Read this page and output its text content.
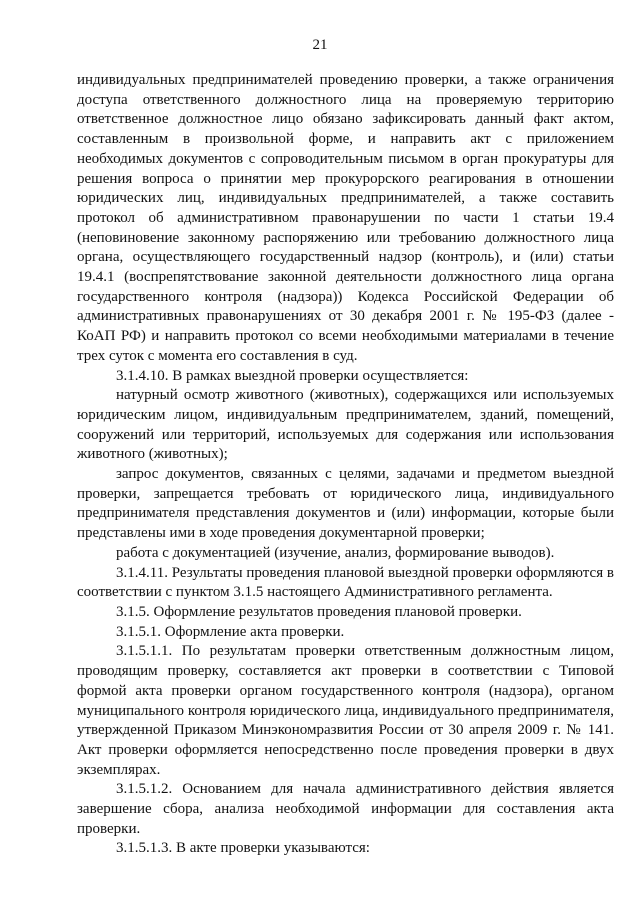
21

индивидуальных предпринимателей проведению проверки, а также ограничения доступа ответственного должностного лица на проверяемую территорию ответственное должностное лицо обязано зафиксировать данный факт актом, составленным в произвольной форме, и направить акт с приложением необходимых документов с сопроводительным письмом в орган прокуратуры для решения вопроса о принятии мер прокурорского реагирования в отношении юридических лиц, индивидуальных предпринимателей, а также составить протокол об административном правонарушении по части 1 статьи 19.4 (неповиновение законному распоряжению или требованию должностного лица органа, осуществляющего государственный надзор (контроль), и (или) статьи 19.4.1 (воспрепятствование законной деятельности должностного лица органа государственного контроля (надзора)) Кодекса Российской Федерации об административных правонарушениях от 30 декабря 2001 г. № 195-ФЗ (далее - КоАП РФ) и направить протокол со всеми необходимыми материалами в течение трех суток с момента его составления в суд.

3.1.4.10. В рамках выездной проверки осуществляется:

натурный осмотр животного (животных), содержащихся или используемых юридическим лицом, индивидуальным предпринимателем, зданий, помещений, сооружений или территорий, используемых для содержания или использования животного (животных);

запрос документов, связанных с целями, задачами и предметом выездной проверки, запрещается требовать от юридического лица, индивидуального предпринимателя представления документов и (или) информации, которые были представлены ими в ходе проведения документарной проверки;

работа с документацией (изучение, анализ, формирование выводов).

3.1.4.11. Результаты проведения плановой выездной проверки оформляются в соответствии с пунктом 3.1.5 настоящего Административного регламента.

3.1.5. Оформление результатов проведения плановой проверки.

3.1.5.1. Оформление акта проверки.

3.1.5.1.1. По результатам проверки ответственным должностным лицом, проводящим проверку, составляется акт проверки в соответствии с Типовой формой акта проверки органом государственного контроля (надзора), органом муниципального контроля юридического лица, индивидуального предпринимателя, утвержденной Приказом Минэкономразвития России от 30 апреля 2009 г. № 141. Акт проверки оформляется непосредственно после проведения проверки в двух экземплярах.

3.1.5.1.2. Основанием для начала административного действия является завершение сбора, анализа необходимой информации для составления акта проверки.

3.1.5.1.3. В акте проверки указываются:
